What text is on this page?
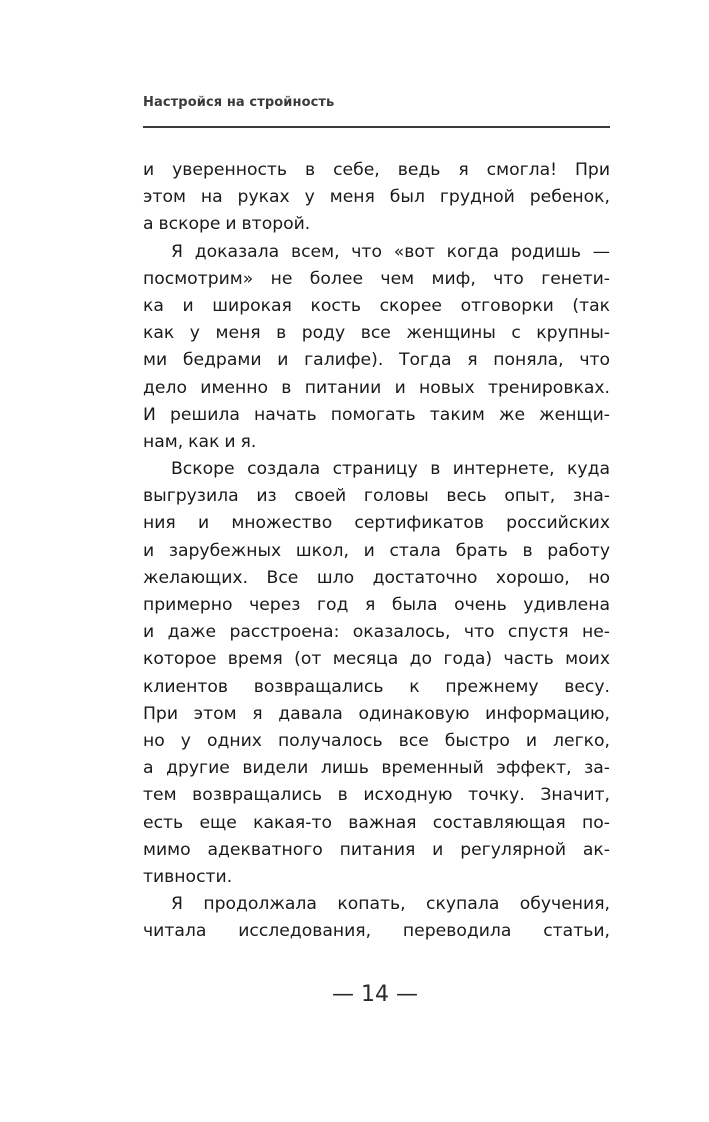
Настройся на стройность
и уверенность в себе, ведь я смогла! При
этом на руках у меня был грудной ребенок,
а вскоре и второй.
Я доказала всем, что «вот когда родишь —
посмотрим» не более чем миф, что генети-
ка и широкая кость скорее отговорки (так
как у меня в роду все женщины с крупны-
ми бедрами и галифе). Тогда я поняла, что
дело именно в питании и новых тренировках.
И решила начать помогать таким же женщи-
нам, как и я.
Вскоре создала страницу в интернете, куда
выгрузила из своей головы весь опыт, зна-
ния и множество сертификатов российских
и зарубежных школ, и стала брать в работу
желающих. Все шло достаточно хорошо, но
примерно через год я была очень удивлена
и даже расстроена: оказалось, что спустя не-
которое время (от месяца до года) часть моих
клиентов возвращались к прежнему весу.
При этом я давала одинаковую информацию,
но у одних получалось все быстро и легко,
а другие видели лишь временный эффект, за-
тем возвращались в исходную точку. Значит,
есть еще какая-то важная составляющая по-
мимо адекватного питания и регулярной ак-
тивности.
Я продолжала копать, скупала обучения,
читала исследования, переводила статьи,
— 14 —
